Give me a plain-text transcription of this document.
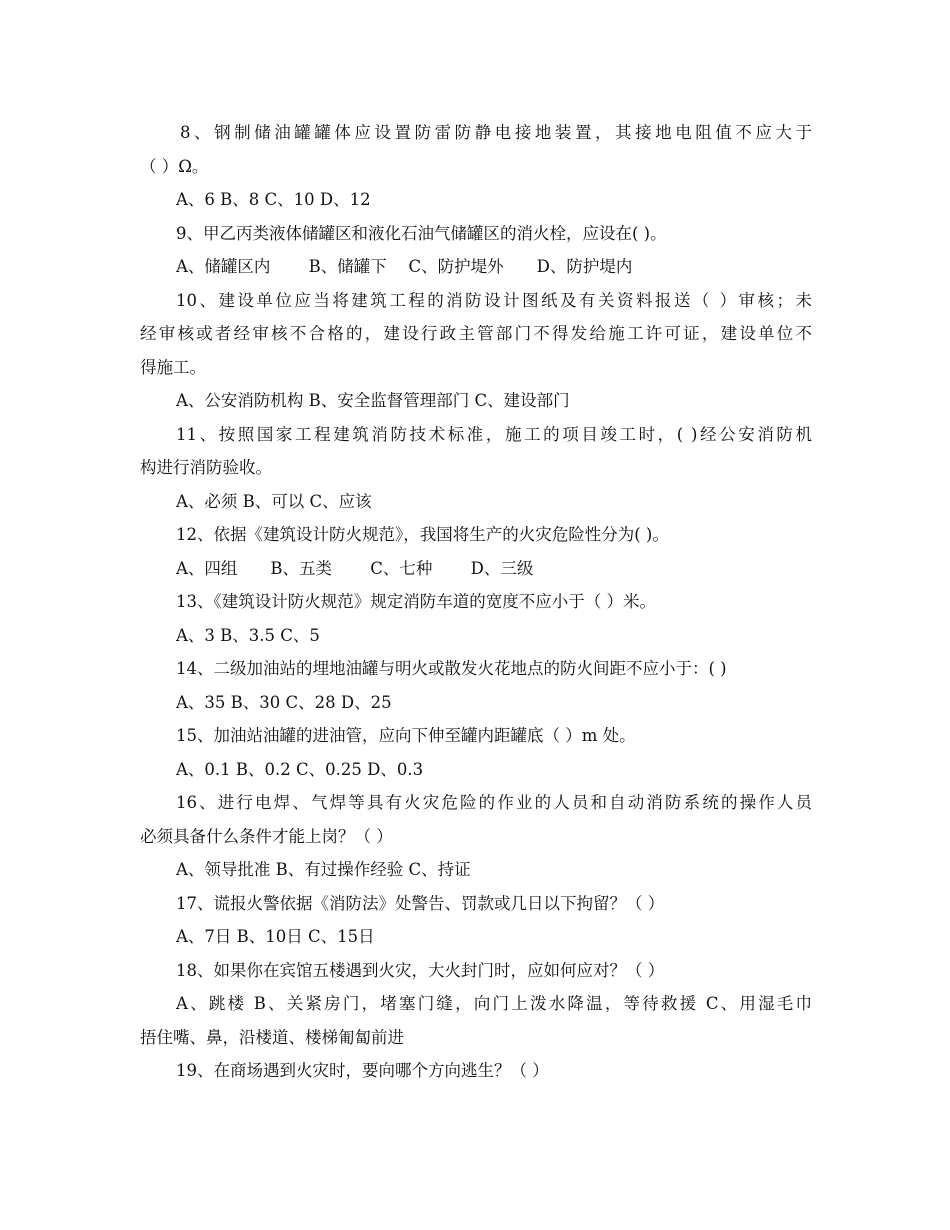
8、钢制储油罐罐体应设置防雷防静电接地装置，其接地电阻值不应大于
（ ）Ω。
A、6 B、8 C、10 D、12
9、甲乙丙类液体储罐区和液化石油气储罐区的消火栓，应设在( )。
A、储罐区内　　 B、储罐下　 C、防护堤外　　D、防护堤内
10、建设单位应当将建筑工程的消防设计图纸及有关资料报送（ ）审核；未
经审核或者经审核不合格的，建设行政主管部门不得发给施工许可证，建设单位不
得施工。
A、公安消防机构 B、安全监督管理部门 C、建设部门
11、按照国家工程建筑消防技术标准，施工的项目竣工时，( )经公安消防机
构进行消防验收。
A、必须 B、可以 C、应该
12、依据《建筑设计防火规范》，我国将生产的火灾危险性分为( )。
A、四组　　B、五类　　 C、七种　　 D、三级
13、《建筑设计防火规范》规定消防车道的宽度不应小于（ ）米。
A、3 B、3.5 C、5
14、二级加油站的埋地油罐与明火或散发火花地点的防火间距不应小于：( )
A、35 B、30 C、28 D、25
15、加油站油罐的进油管，应向下伸至罐内距罐底（ ）m 处。
A、0.1 B、0.2 C、0.25 D、0.3
16、进行电焊、气焊等具有火灾危险的作业的人员和自动消防系统的操作人员
必须具备什么条件才能上岗？（ ）
A、领导批准 B、有过操作经验 C、持证
17、谎报火警依据《消防法》处警告、罚款或几日以下拘留？（ ）
A、7日 B、10日 C、15日
18、如果你在宾馆五楼遇到火灾，大火封门时，应如何应对？（ ）
A、跳楼 B、关紧房门，堵塞门缝，向门上泼水降温，等待救援 C、用湿毛巾
捂住嘴、鼻，沿楼道、楼梯匍匐前进
19、在商场遇到火灾时，要向哪个方向逃生？（ ）
